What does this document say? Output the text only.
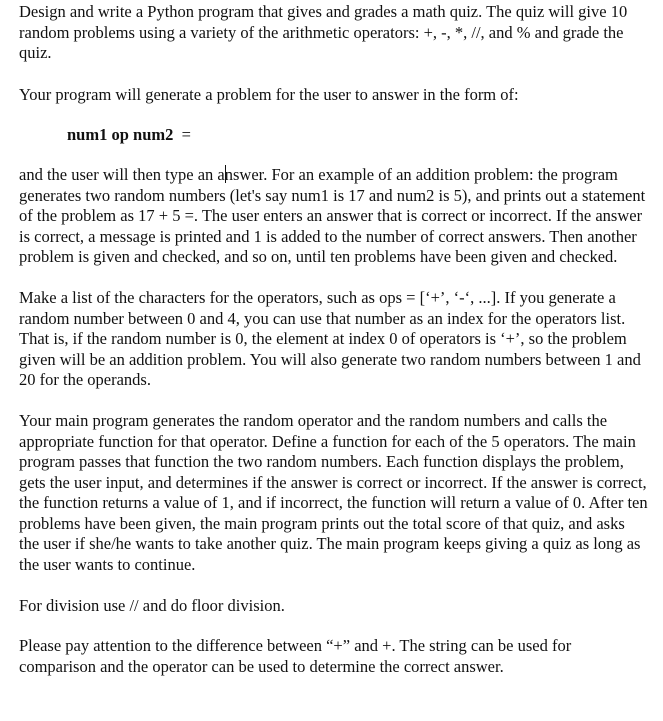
Design and write a Python program that gives and grades a math quiz. The quiz will give 10 random problems using a variety of the arithmetic operators: +, -, *, //, and % and grade the quiz.

Your program will generate a problem for the user to answer in the form of:

num1 op num2 =

and the user will then type an answer. For an example of an addition problem: the program generates two random numbers (let's say num1 is 17 and num2 is 5), and prints out a statement of the problem as 17 + 5 =. The user enters an answer that is correct or incorrect. If the answer is correct, a message is printed and 1 is added to the number of correct answers. Then another problem is given and checked, and so on, until ten problems have been given and checked.

Make a list of the characters for the operators, such as ops = [‘+’, ‘-‘, ...]. If you generate a random number between 0 and 4, you can use that number as an index for the operators list. That is, if the random number is 0, the element at index 0 of operators is ‘+’, so the problem given will be an addition problem. You will also generate two random numbers between 1 and 20 for the operands.

Your main program generates the random operator and the random numbers and calls the appropriate function for that operator. Define a function for each of the 5 operators. The main program passes that function the two random numbers. Each function displays the problem, gets the user input, and determines if the answer is correct or incorrect. If the answer is correct, the function returns a value of 1, and if incorrect, the function will return a value of 0. After ten problems have been given, the main program prints out the total score of that quiz, and asks the user if she/he wants to take another quiz. The main program keeps giving a quiz as long as the user wants to continue.

For division use // and do floor division.

Please pay attention to the difference between “+” and +. The string can be used for comparison and the operator can be used to determine the correct answer.
